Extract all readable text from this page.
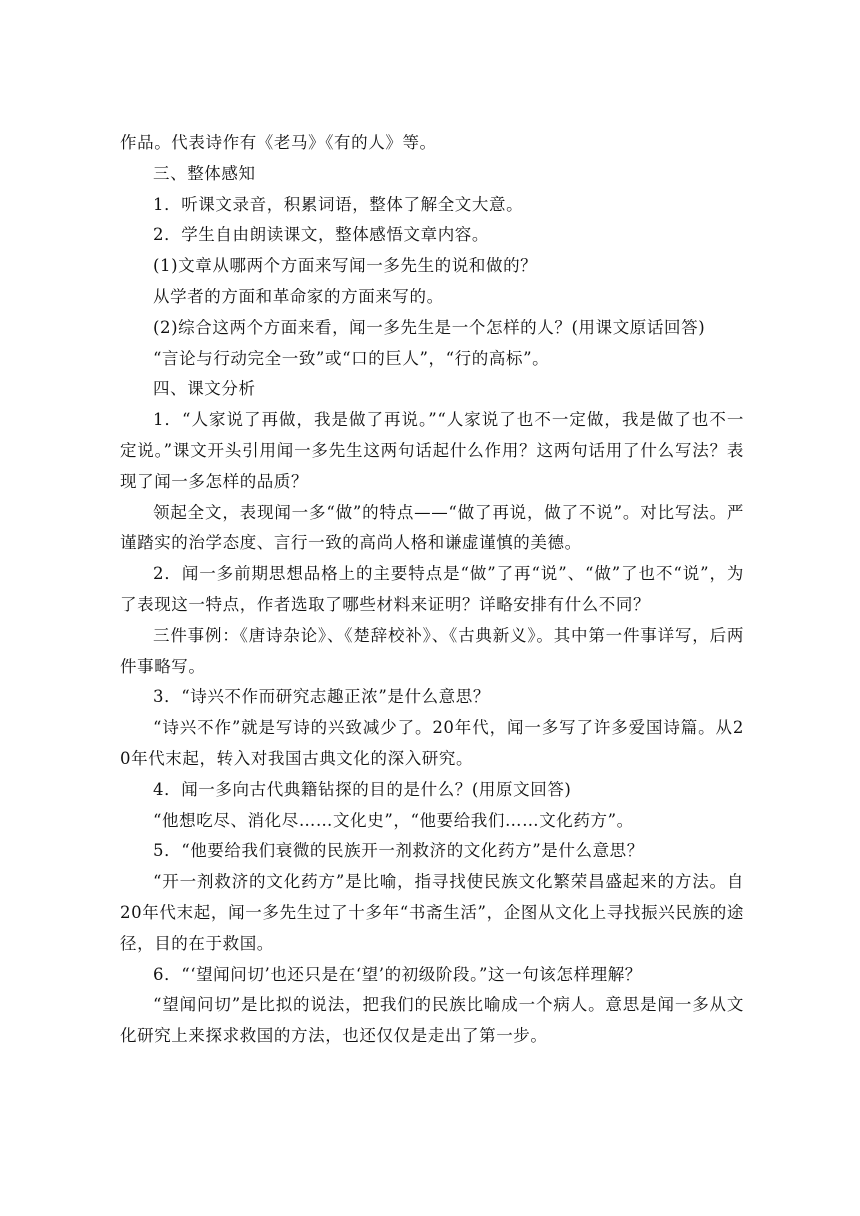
作品。代表诗作有《老马》《有的人》等。

三、整体感知

1．听课文录音，积累词语，整体了解全文大意。

2．学生自由朗读课文，整体感悟文章内容。

(1)文章从哪两个方面来写闻一多先生的说和做的？

从学者的方面和革命家的方面来写的。

(2)综合这两个方面来看，闻一多先生是一个怎样的人？(用课文原话回答)

“言论与行动完全一致”或“口的巨人”，“行的高标”。

四、课文分析

1．“人家说了再做，我是做了再说。”“人家说了也不一定做，我是做了也不一定说。”课文开头引用闻一多先生这两句话起什么作用？这两句话用了什么写法？表现了闻一多怎样的品质？

领起全文，表现闻一多“做”的特点——“做了再说，做了不说”。对比写法。严谨踏实的治学态度、言行一致的高尚人格和谦虚谨慎的美德。

2．闻一多前期思想品格上的主要特点是“做”了再“说”、“做”了也不“说”，为了表现这一特点，作者选取了哪些材料来证明？详略安排有什么不同？

三件事例：《唐诗杂论》、《楚辞校补》、《古典新义》。其中第一件事详写，后两件事略写。

3．“诗兴不作而研究志趣正浓”是什么意思？

“诗兴不作”就是写诗的兴致减少了。20年代，闻一多写了许多爱国诗篇。从20年代末起，转入对我国古典文化的深入研究。

4．闻一多向古代典籍钻探的目的是什么？(用原文回答)

“他想吃尽、消化尽……文化史”，“他要给我们……文化药方”。

5．“他要给我们衰微的民族开一剂救济的文化药方”是什么意思？

“开一剂救济的文化药方”是比喻，指寻找使民族文化繁荣昌盛起来的方法。自20年代末起，闻一多先生过了十多年“书斋生活”，企图从文化上寻找振兴民族的途径，目的在于救国。

6．“‘望闻问切’也还只是在‘望’的初级阶段。”这一句该怎样理解？

“望闻问切”是比拟的说法，把我们的民族比喻成一个病人。意思是闻一多从文化研究上来探求救国的方法，也还仅仅是走出了第一步。
